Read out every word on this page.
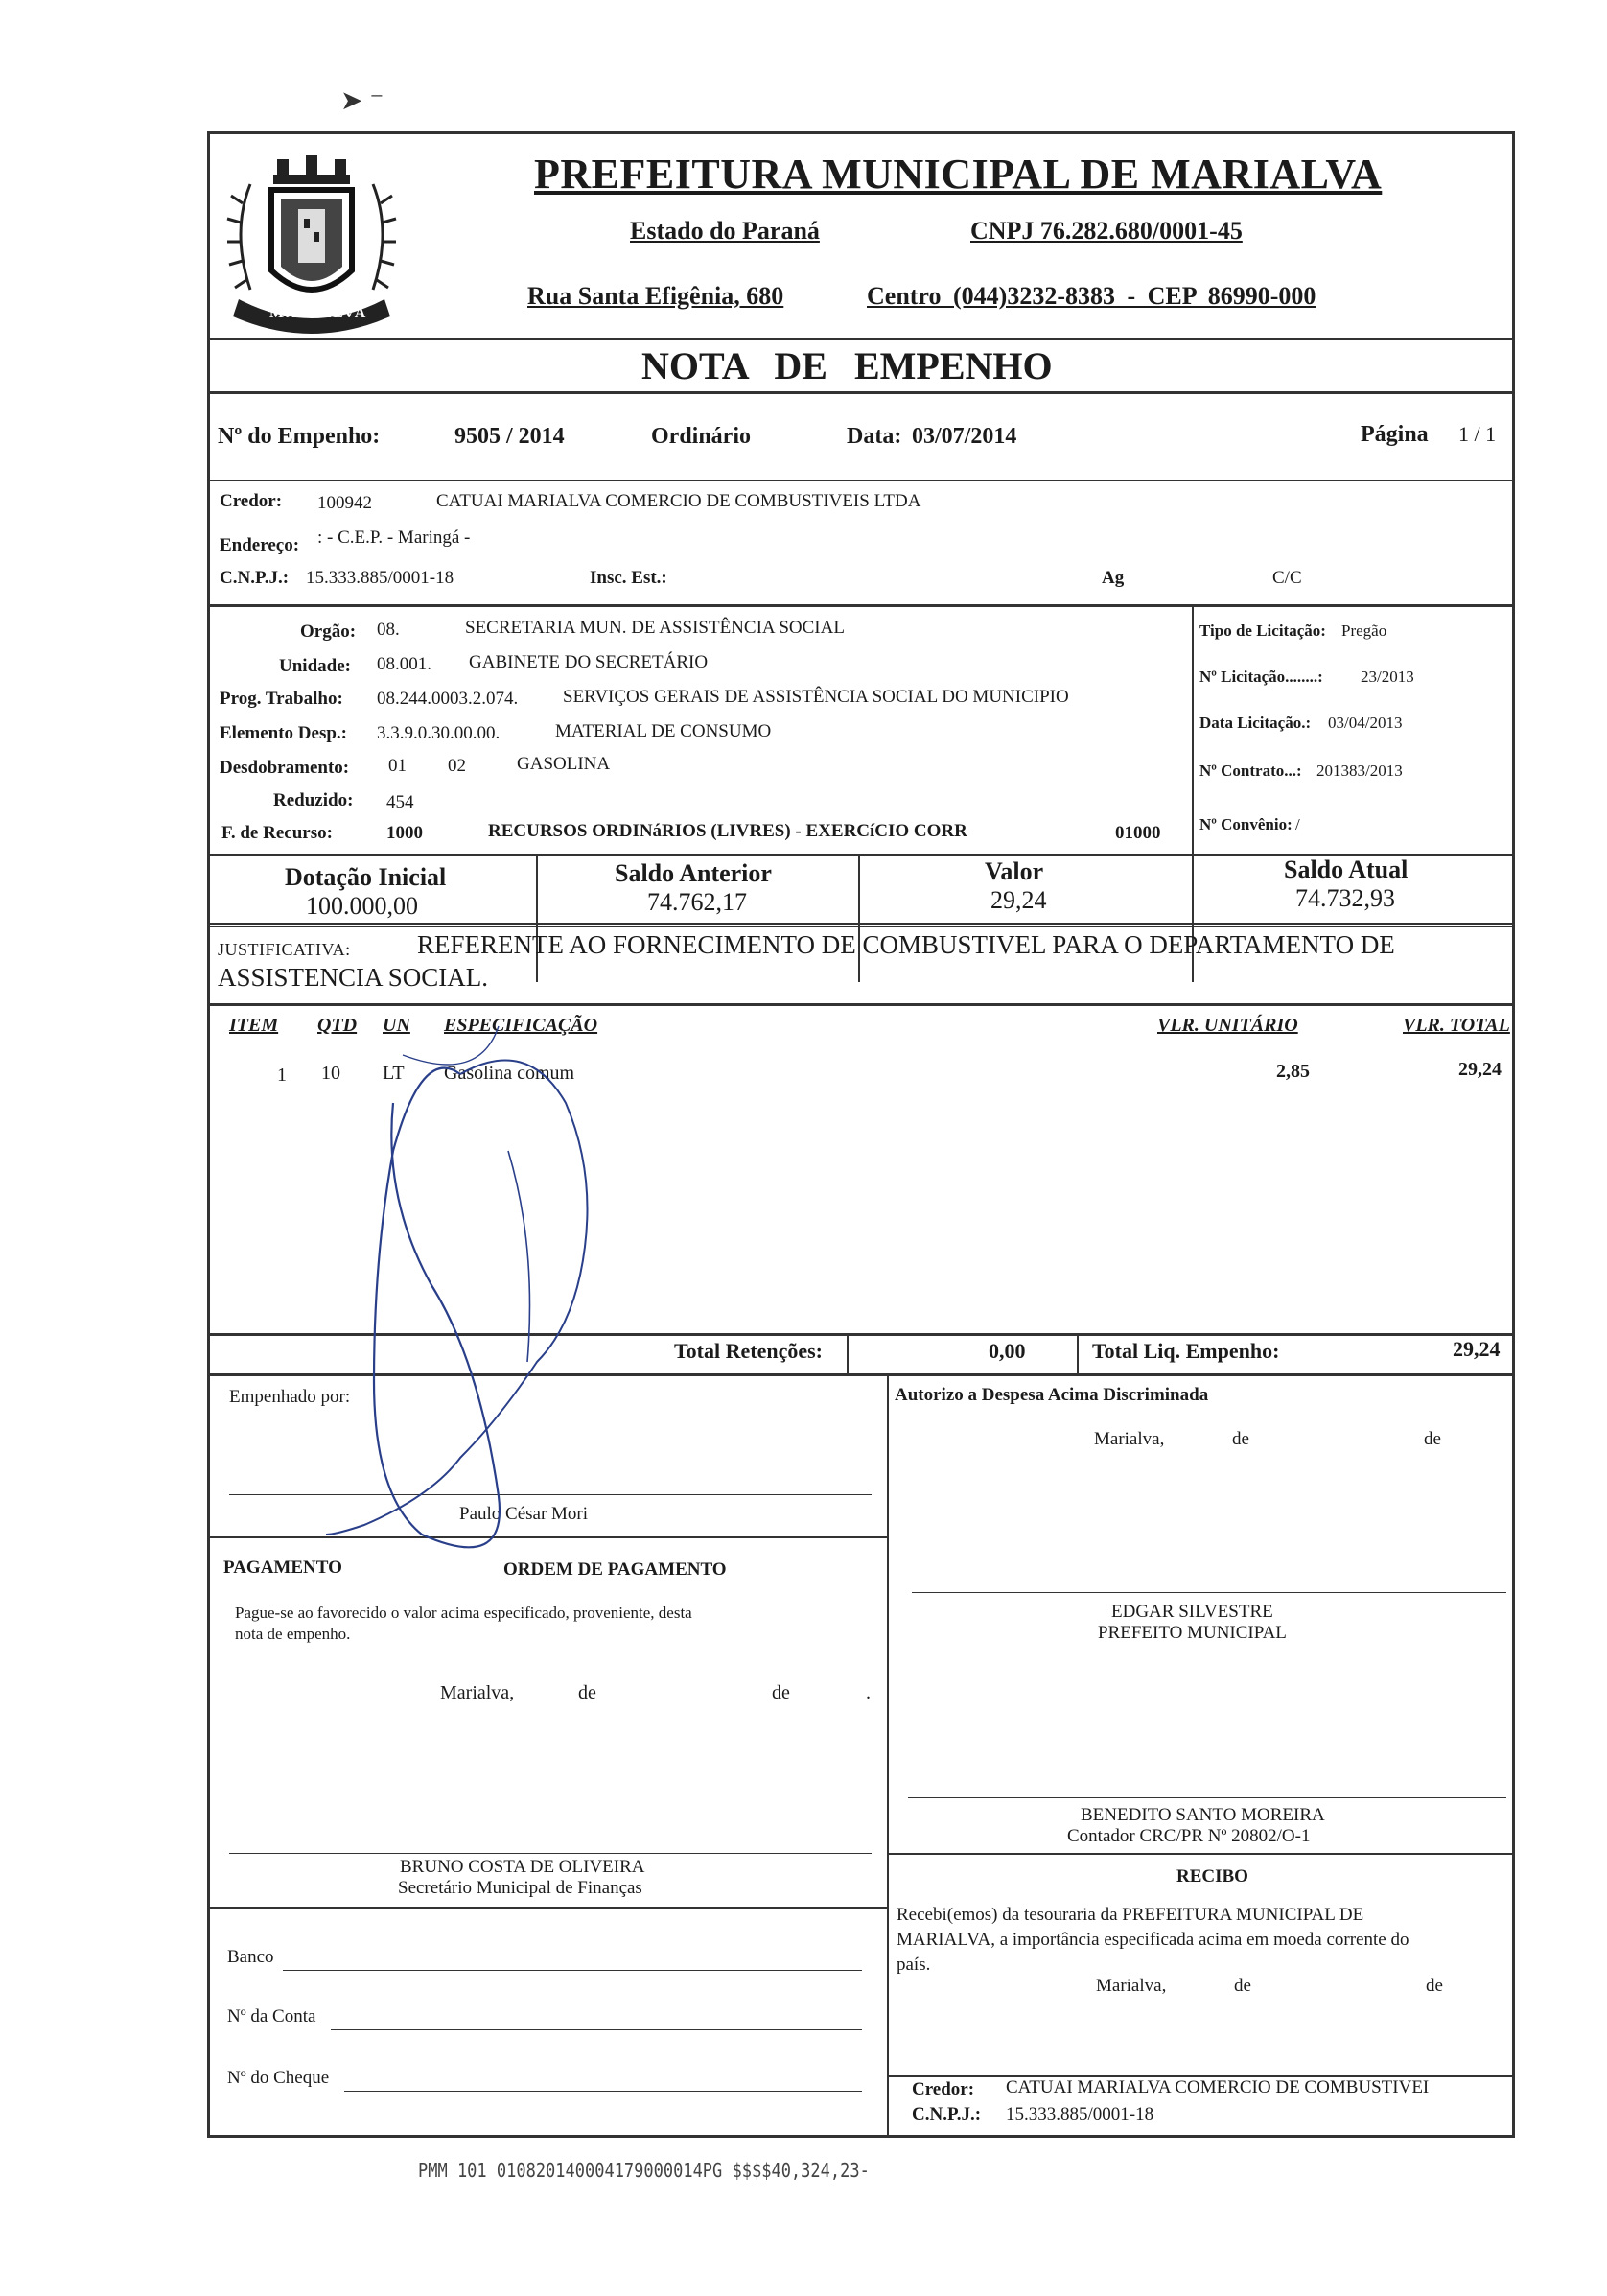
➤ ⁻
MARIALVA
PREFEITURA MUNICIPAL DE MARIALVA
Estado do Paraná	CNPJ 76.282.680/0001-45
Rua Santa Efigênia, 680	Centro (044)3232-8383 - CEP 86990-000
NOTA DE EMPENHO
Nº do Empenho:	9505 / 2014	Ordinário	Data: 03/07/2014	Página 1 / 1
Credor: 100942	CATUAI MARIALVA COMERCIO DE COMBUSTIVEIS LTDA
Endereço: : - C.E.P. - Maringá -
C.N.P.J.: 15.333.885/0001-18	Insc. Est.:	Ag	C/C
Orgão: 08.	SECRETARIA MUN. DE ASSISTÊNCIA SOCIAL
Unidade: 08.001. GABINETE DO SECRETÁRIO
Prog. Trabalho: 08.244.0003.2.074. SERVIÇOS GERAIS DE ASSISTÊNCIA SOCIAL DO MUNICIPIO
Elemento Desp.: 3.3.9.0.30.00.00.	MATERIAL DE CONSUMO
Desdobramento: 01 02	GASOLINA
Reduzido: 454
F. de Recurso:	1000	RECURSOS ORDINáRIOS (LIVRES) - EXERCíCIO CORR	01000
Tipo de Licitação: Pregão
Nº Licitação........: 23/2013
Data Licitação.: 03/04/2013
Nº Contrato...: 201383/2013
Nº Convênio: /
Dotação Inicial
100.000,00
Saldo Anterior
74.762,17
Valor
29,24
Saldo Atual
74.732,93
JUSTIFICATIVA:	REFERENTE AO FORNECIMENTO DE COMBUSTIVEL PARA O DEPARTAMENTO DE
ASSISTENCIA SOCIAL.
ITEM QTD UN ESPECIFICAÇÃO	VLR. UNITÁRIO	VLR. TOTAL
1 10 LT Gasolina comum	2,85	29,24
Total Retenções:	0,00	Total Liq. Empenho:	29,24
Empenhado por:
Paulo César Mori
PAGAMENTO	ORDEM DE PAGAMENTO
Pague-se ao favorecido o valor acima especificado, proveniente, desta
nota de empenho.
Marialva,	de	de	.
BRUNO COSTA DE OLIVEIRA
Secretário Municipal de Finanças
Banco
Nº da Conta
Nº do Cheque
Autorizo a Despesa Acima Discriminada
Marialva,	de	de
EDGAR SILVESTRE
PREFEITO MUNICIPAL
BENEDITO SANTO MOREIRA
Contador CRC/PR Nº 20802/O-1
RECIBO
Recebi(emos) da tesouraria da PREFEITURA MUNICIPAL DE
MARIALVA, a importância especificada acima em moeda corrente do
país.
Marialva,	de	de
Credor: CATUAI MARIALVA COMERCIO DE COMBUSTIVEI
C.N.P.J.: 15.333.885/0001-18
PMM 101 010820140004179000014PG $$$$40,324,23-
